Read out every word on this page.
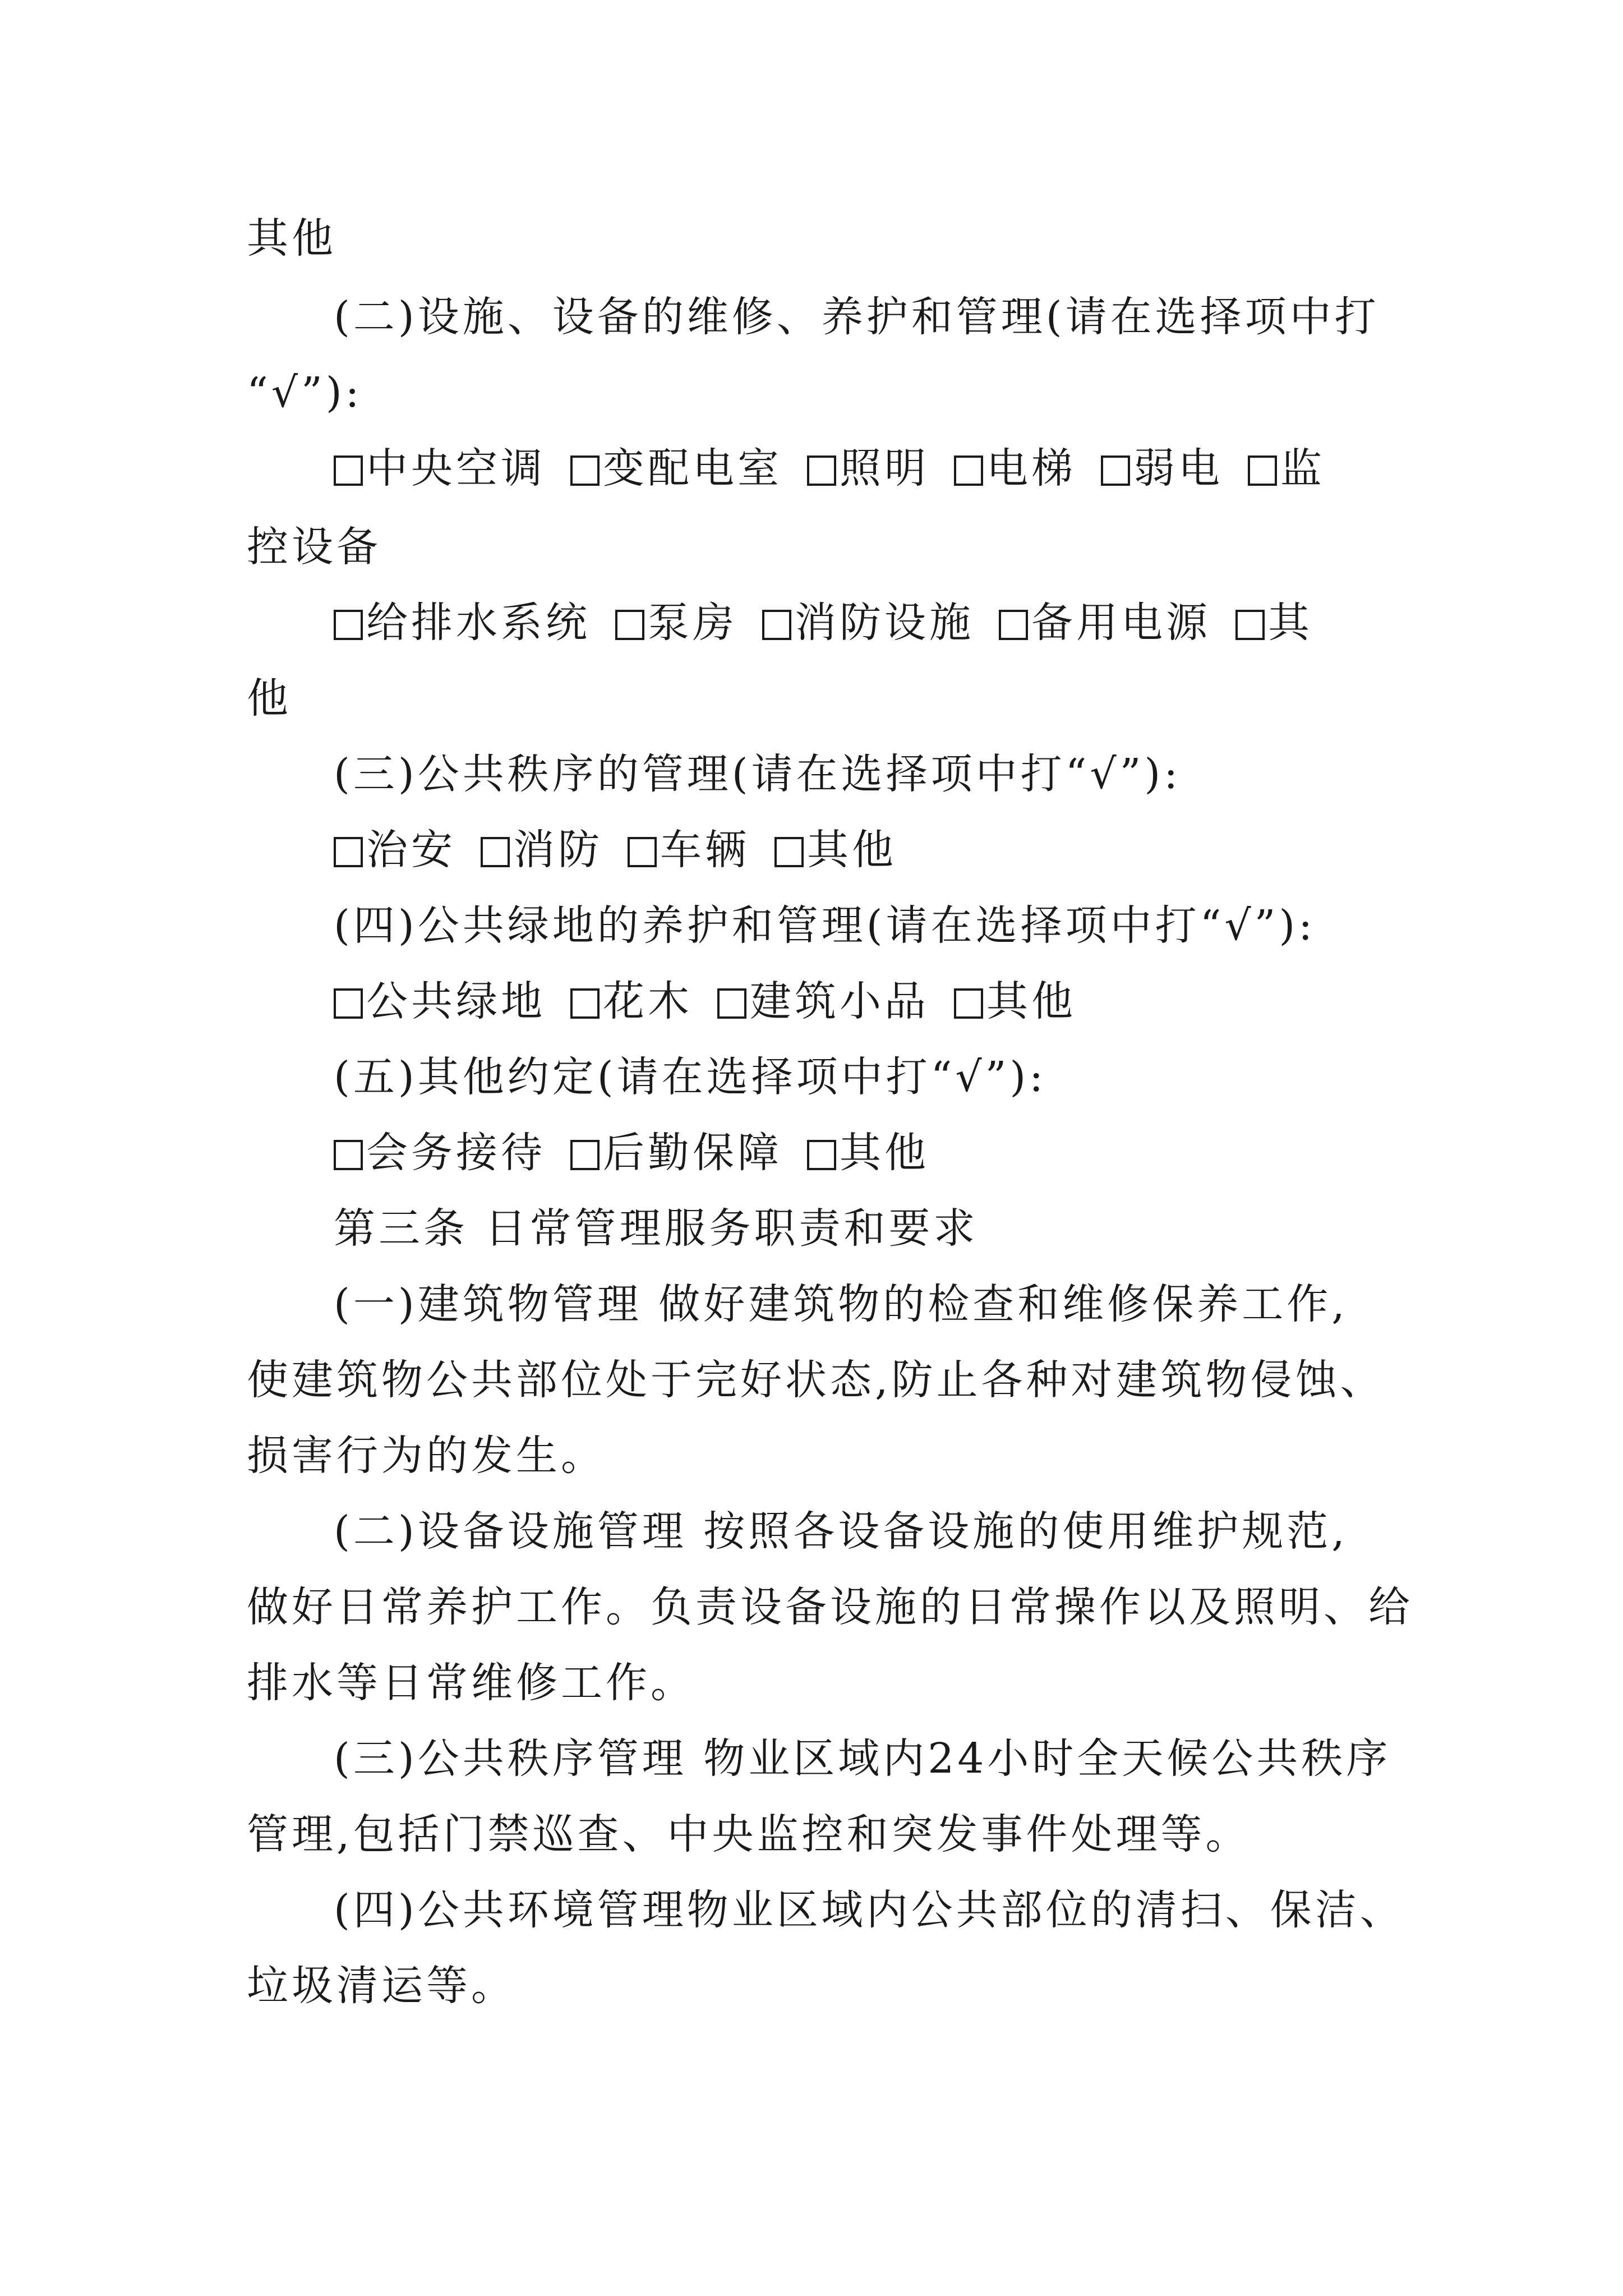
其他
(二)设施、设备的维修、养护和管理(请在选择项中打
“√”):
中央空调 变配电室 照明 电梯 弱电 监
控设备
给排水系统 泵房 消防设施 备用电源 其
他
(三)公共秩序的管理(请在选择项中打“√”):
治安 消防 车辆 其他
(四)公共绿地的养护和管理(请在选择项中打“√”):
公共绿地 花木 建筑小品 其他
(五)其他约定(请在选择项中打“√”):
会务接待 后勤保障 其他
第三条 日常管理服务职责和要求
(一)建筑物管理 做好建筑物的检查和维修保养工作,
使建筑物公共部位处于完好状态,防止各种对建筑物侵蚀、
损害行为的发生。
(二)设备设施管理 按照各设备设施的使用维护规范,
做好日常养护工作。负责设备设施的日常操作以及照明、给
排水等日常维修工作。
(三)公共秩序管理 物业区域内24小时全天候公共秩序
管理,包括门禁巡查、中央监控和突发事件处理等。
(四)公共环境管理物业区域内公共部位的清扫、保洁、
垃圾清运等。
